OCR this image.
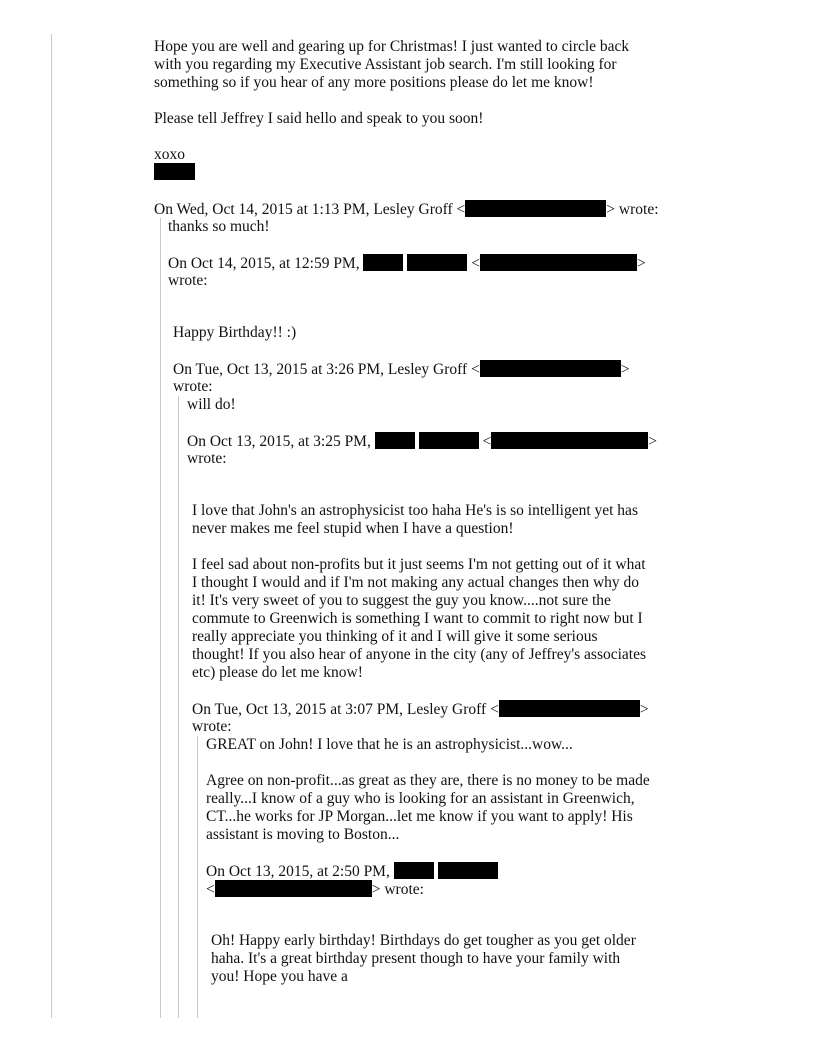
Hope you are well and gearing up for Christmas! I just wanted to circle back

with you regarding my Executive Assistant job search. I'm still looking for

something so if you hear of any more positions please do let me know!

Please tell Jeffrey I said hello and speak to you soon!

xoxo

On Wed, Oct 14, 2015 at 1:13 PM, Lesley Groff <	> wrote:

thanks so much!

On Oct 14, 2015, at 12:59 PM,	<	>

wrote:

Happy Birthday!! :)

On Tue, Oct 13, 2015 at 3:26 PM, Lesley Groff <	>

wrote:

will do!

On Oct 13, 2015, at 3:25 PM,	<	>

wrote:

I love that John's an astrophysicist too haha He's is so intelligent yet has

never makes me feel stupid when I have a question!

I feel sad about non-profits but it just seems I'm not getting out of it what

I thought I would and if I'm not making any actual changes then why do

it! It's very sweet of you to suggest the guy you know....not sure the

commute to Greenwich is something I want to commit to right now but I

really appreciate you thinking of it and I will give it some serious

thought! If you also hear of anyone in the city (any of Jeffrey's associates

etc) please do let me know!

On Tue, Oct 13, 2015 at 3:07 PM, Lesley Groff <	>

wrote:

GREAT on John! I love that he is an astrophysicist...wow...

Agree on non-profit...as great as they are, there is no money to be made

really...I know of a guy who is looking for an assistant in Greenwich,

CT...he works for JP Morgan...let me know if you want to apply! His

assistant is moving to Boston...

On Oct 13, 2015, at 2:50 PM,

<	> wrote:

Oh! Happy early birthday! Birthdays do get tougher as you get older

haha. It's a great birthday present though to have your family with

you! Hope you have a
